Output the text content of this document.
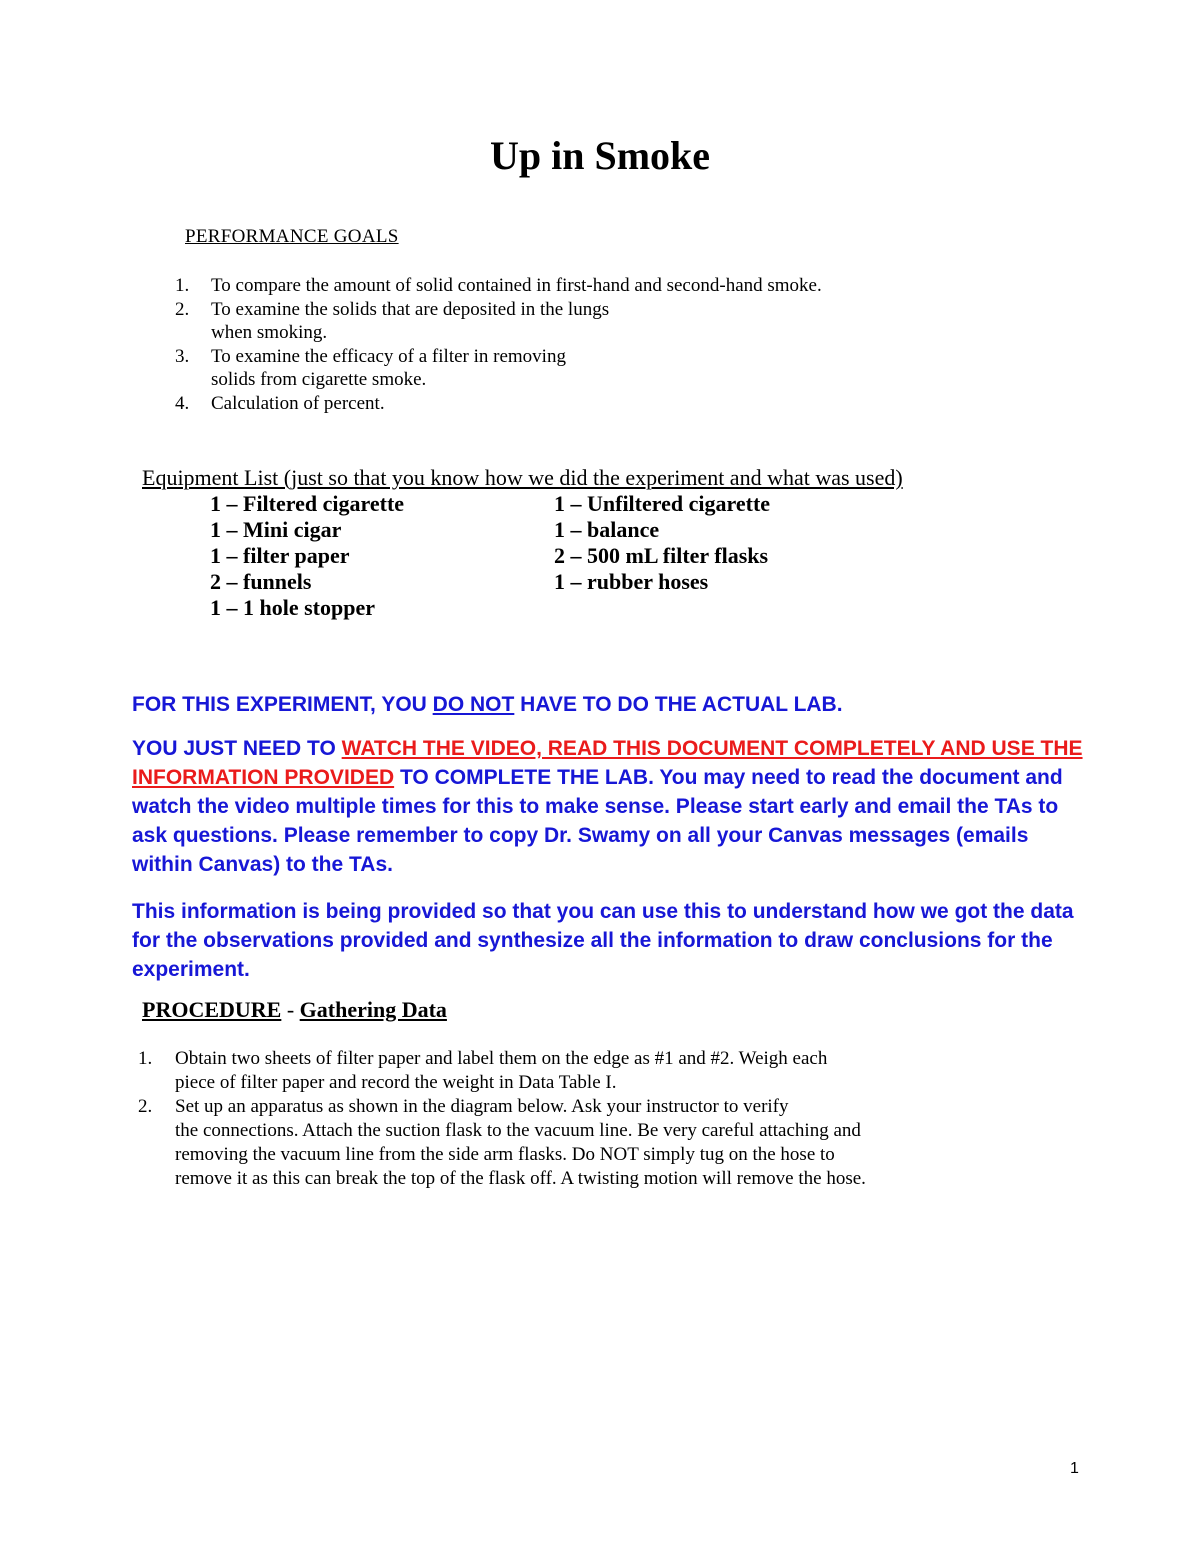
Up in Smoke

PERFORMANCE GOALS

1. To compare the amount of solid contained in first-hand and second-hand smoke.
2. To examine the solids that are deposited in the lungs
when smoking.
3. To examine the efficacy of a filter in removing
solids from cigarette smoke.
4. Calculation of percent.

Equipment List (just so that you know how we did the experiment and what was used)

1 – Filtered cigarette	1 – Unfiltered cigarette
1 – Mini cigar	1 – balance
1 – filter paper	2 – 500 mL filter flasks
2 – funnels	1 – rubber hoses
1 – 1 hole stopper

FOR THIS EXPERIMENT, YOU DO NOT HAVE TO DO THE ACTUAL LAB.

YOU JUST NEED TO WATCH THE VIDEO, READ THIS DOCUMENT COMPLETELY AND USE THE INFORMATION PROVIDED TO COMPLETE THE LAB. You may need to read the document and watch the video multiple times for this to make sense. Please start early and email the TAs to ask questions. Please remember to copy Dr. Swamy on all your Canvas messages (emails within Canvas) to the TAs.

This information is being provided so that you can use this to understand how we got the data for the observations provided and synthesize all the information to draw conclusions for the experiment.

PROCEDURE - Gathering Data

1. Obtain two sheets of filter paper and label them on the edge as #1 and #2. Weigh each
piece of filter paper and record the weight in Data Table I.
2. Set up an apparatus as shown in the diagram below. Ask your instructor to verify
the connections. Attach the suction flask to the vacuum line. Be very careful attaching and
removing the vacuum line from the side arm flasks. Do NOT simply tug on the hose to
remove it as this can break the top of the flask off. A twisting motion will remove the hose.

1
